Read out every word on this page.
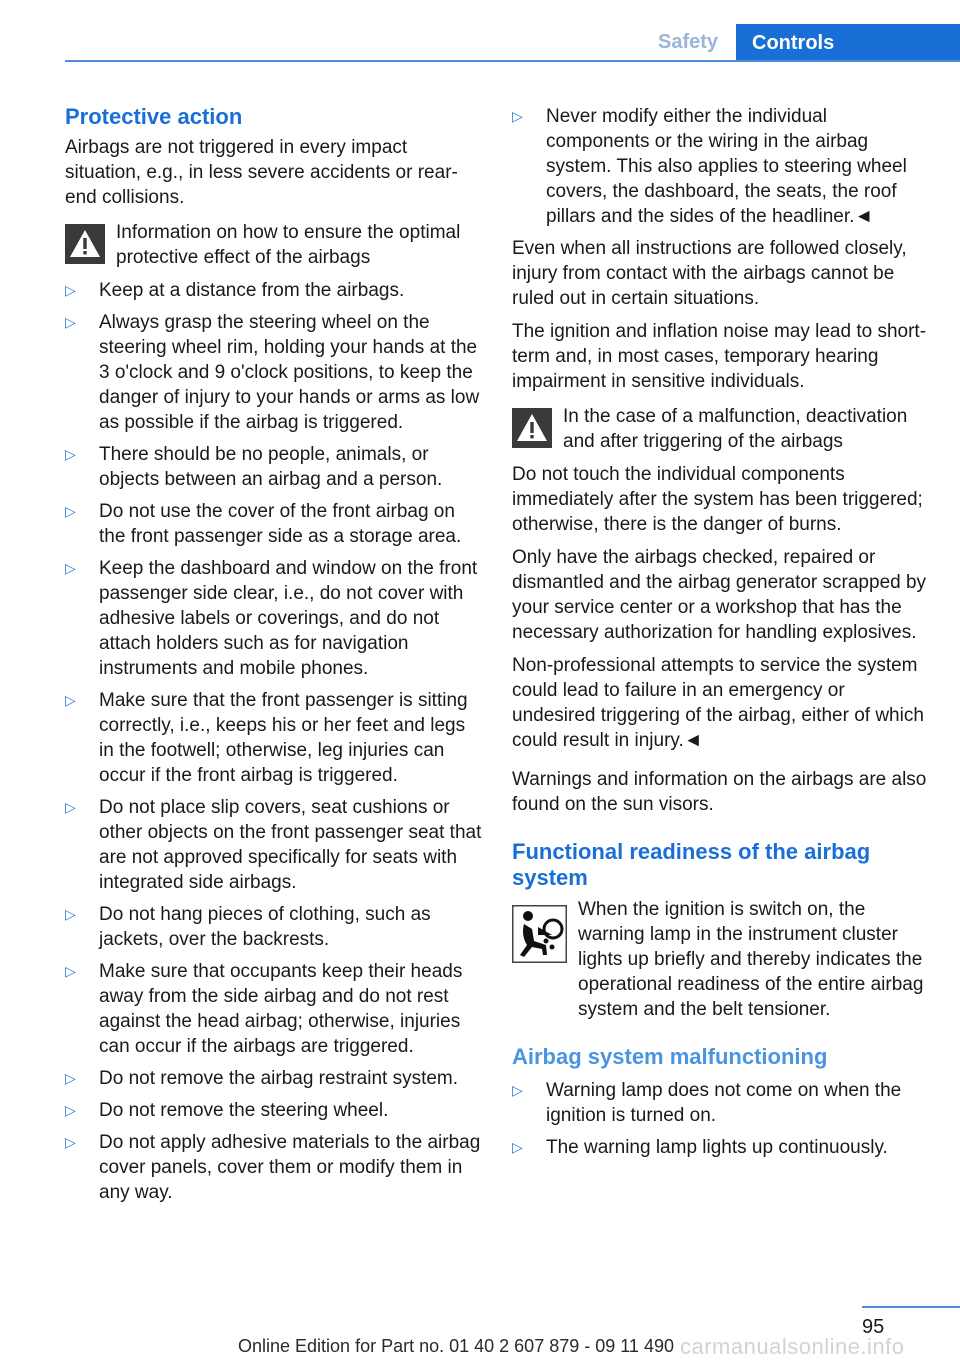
Safety	Controls
Protective action

Airbags are not triggered in every impact situation, e.g., in less severe accidents or rear-end collisions.

Information on how to ensure the optimal protective effect of the airbags
▷	Keep at a distance from the airbags.
▷	Always grasp the steering wheel on the steering wheel rim, holding your hands at the 3 o'clock and 9 o'clock positions, to keep the danger of injury to your hands or arms as low as possible if the airbag is triggered.
▷	There should be no people, animals, or objects between an airbag and a person.
▷	Do not use the cover of the front airbag on the front passenger side as a storage area.
▷	Keep the dashboard and window on the front passenger side clear, i.e., do not cover with adhesive labels or coverings, and do not attach holders such as for navigation instruments and mobile phones.
▷	Make sure that the front passenger is sitting correctly, i.e., keeps his or her feet and legs in the footwell; otherwise, leg injuries can occur if the front airbag is triggered.
▷	Do not place slip covers, seat cushions or other objects on the front passenger seat that are not approved specifically for seats with integrated side airbags.
▷	Do not hang pieces of clothing, such as jackets, over the backrests.
▷	Make sure that occupants keep their heads away from the side airbag and do not rest against the head airbag; otherwise, injuries can occur if the airbags are triggered.
▷	Do not remove the airbag restraint system.
▷	Do not remove the steering wheel.
▷	Do not apply adhesive materials to the airbag cover panels, cover them or modify them in any way.
▷	Never modify either the individual components or the wiring in the airbag system. This also applies to steering wheel covers, the dashboard, the seats, the roof pillars and the sides of the headliner.◄

Even when all instructions are followed closely, injury from contact with the airbags cannot be ruled out in certain situations.

The ignition and inflation noise may lead to short-term and, in most cases, temporary hearing impairment in sensitive individuals.

In the case of a malfunction, deactivation and after triggering of the airbags

Do not touch the individual components immediately after the system has been triggered; otherwise, there is the danger of burns.

Only have the airbags checked, repaired or dismantled and the airbag generator scrapped by your service center or a workshop that has the necessary authorization for handling explosives.

Non-professional attempts to service the system could lead to failure in an emergency or undesired triggering of the airbag, either of which could result in injury.◄

Warnings and information on the airbags are also found on the sun visors.

Functional readiness of the airbag system
When the ignition is switch on, the warning lamp in the instrument cluster lights up briefly and thereby indicates the operational readiness of the entire airbag system and the belt tensioner.
Airbag system malfunctioning
▷	Warning lamp does not come on when the ignition is turned on.
▷	The warning lamp lights up continuously.
95
Online Edition for Part no. 01 40 2 607 879 - 09 11 490 carmanualsonline.info
